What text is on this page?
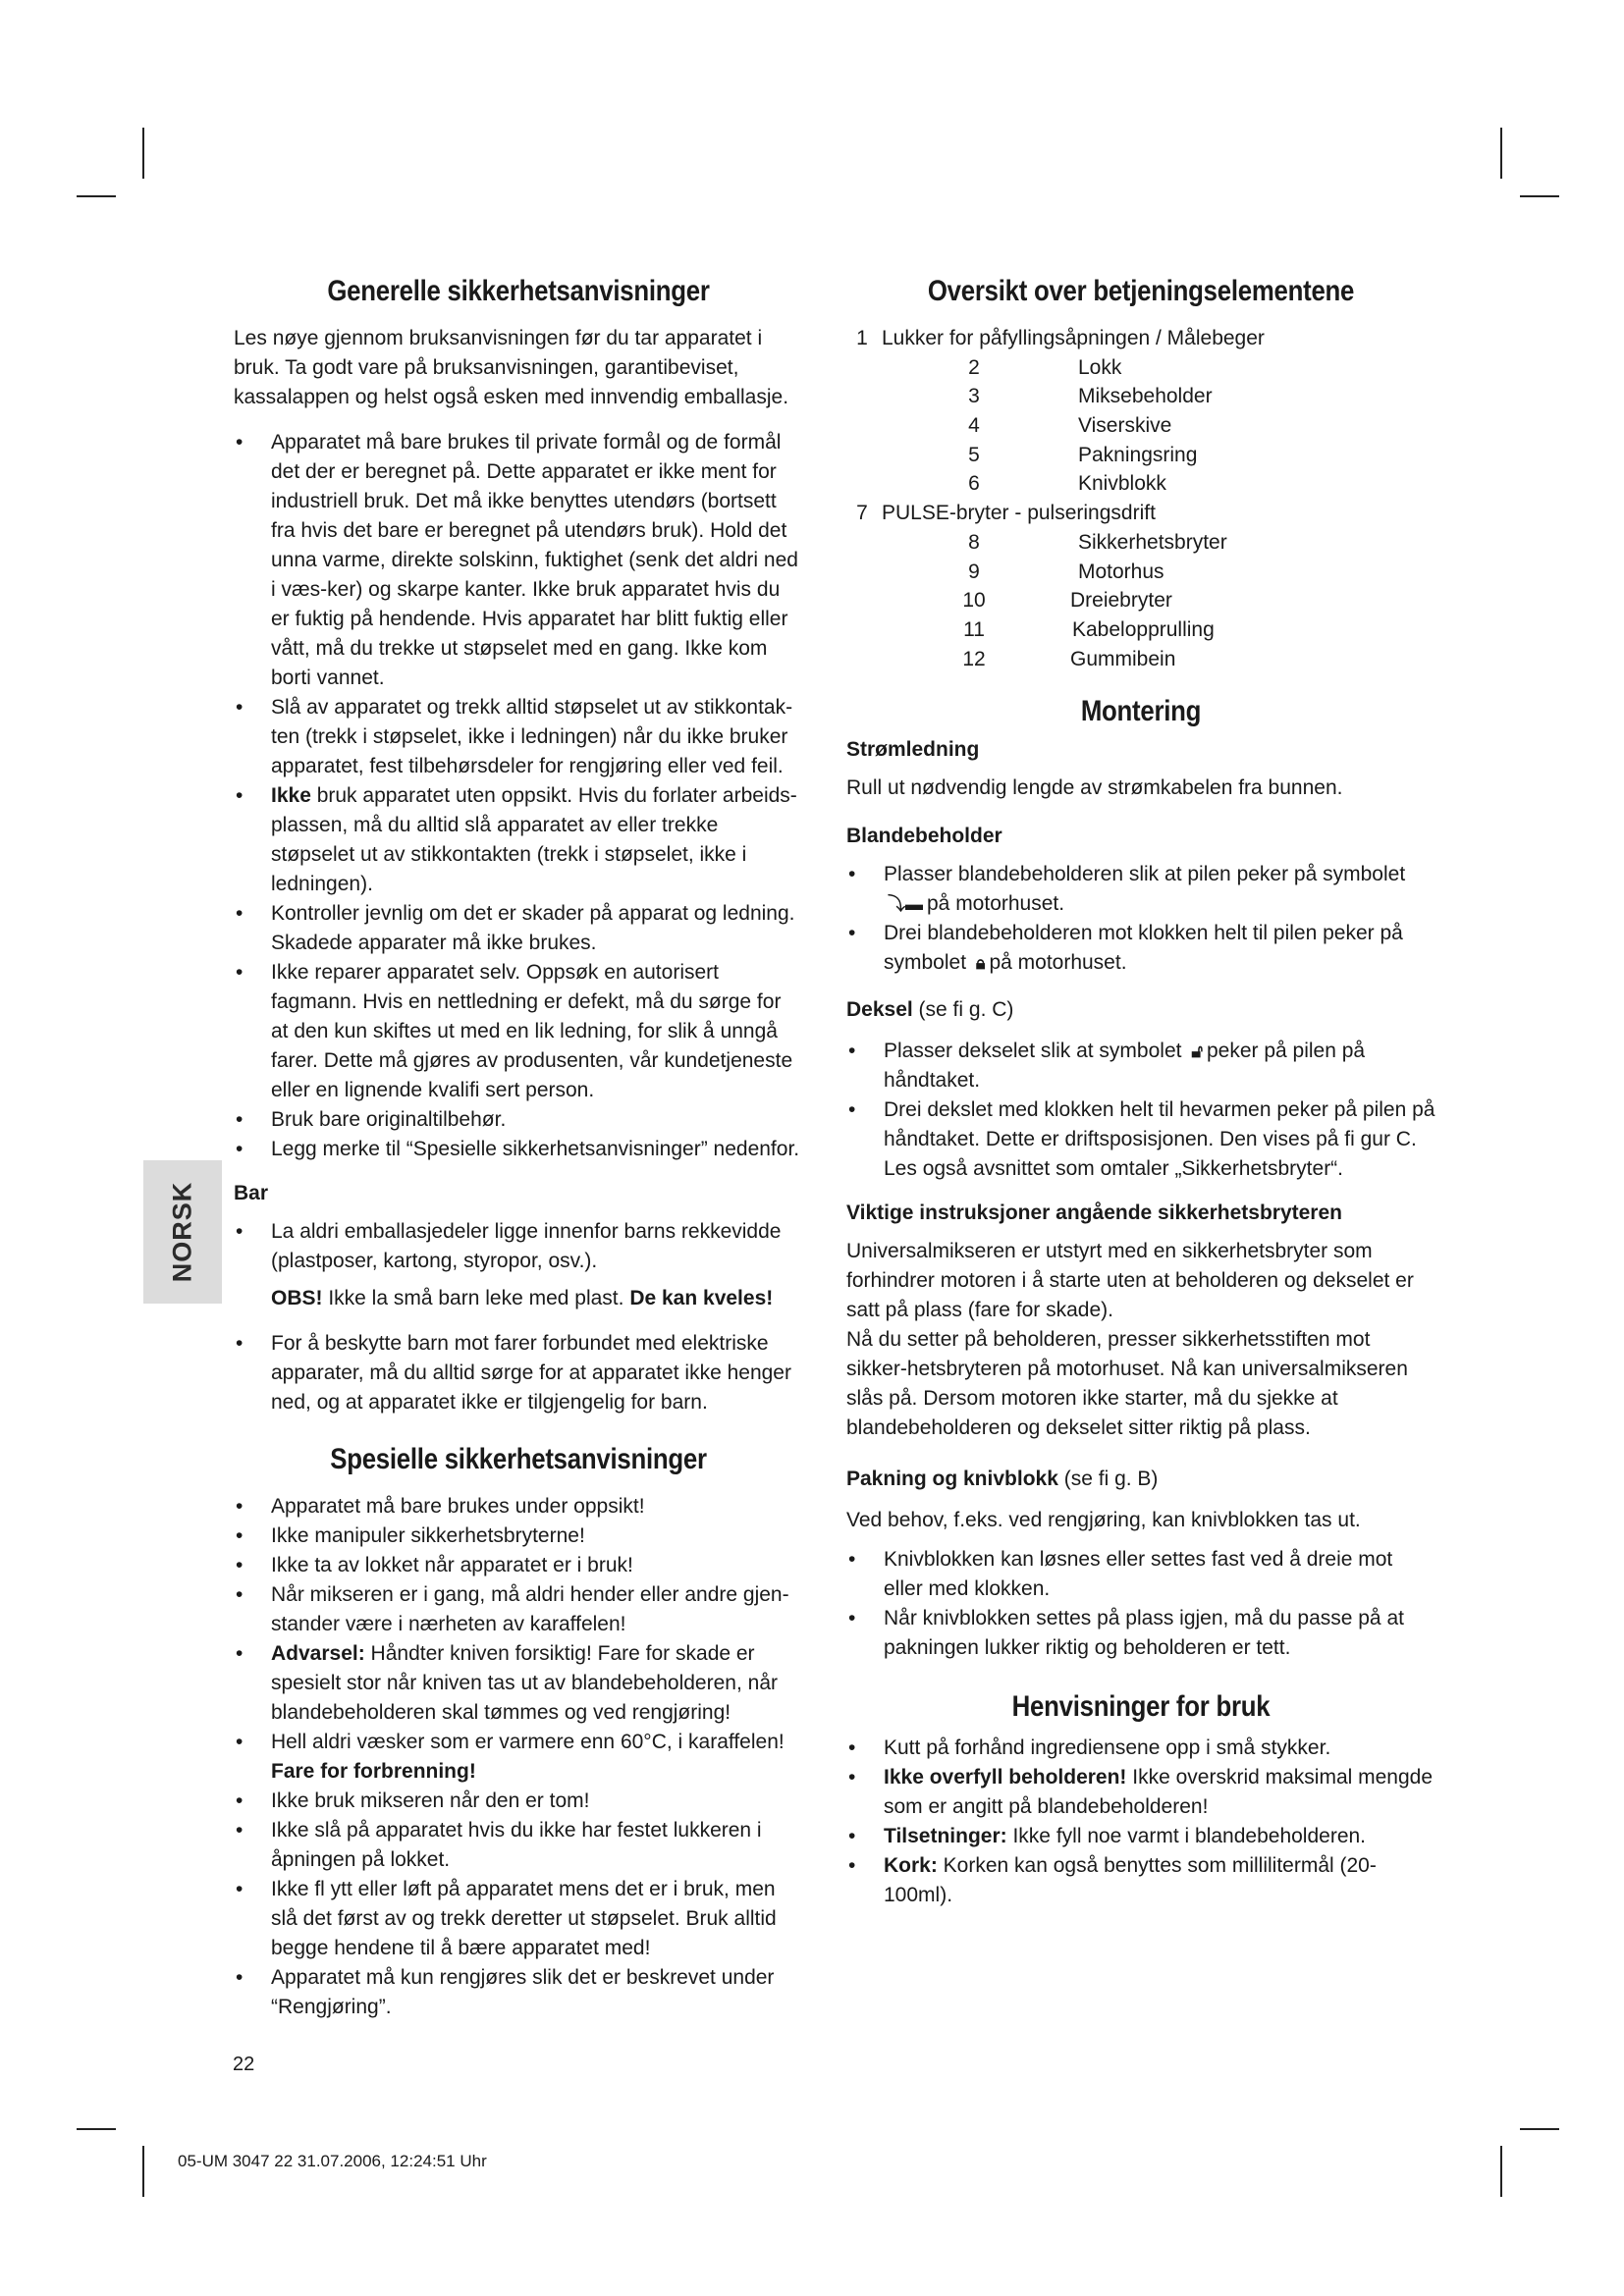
NORSK
Generelle sikkerhetsanvisninger

Les nøye gjennom bruksanvisningen før du tar apparatet i bruk. Ta godt vare på bruksanvisningen, garantibeviset, kassalappen og helst også esken med innvendig emballasje.

• Apparatet må bare brukes til private formål og de formål det der er beregnet på. Dette apparatet er ikke ment for industriell bruk. Det må ikke benyttes utendørs (bortsett fra hvis det bare er beregnet på utendørs bruk). Hold det unna varme, direkte solskinn, fuktighet (senk det aldri ned i væs-ker) og skarpe kanter. Ikke bruk apparatet hvis du er fuktig på hendende. Hvis apparatet har blitt fuktig eller vått, må du trekke ut støpselet med en gang. Ikke kom borti vannet.
• Slå av apparatet og trekk alltid støpselet ut av stikkontak-ten (trekk i støpselet, ikke i ledningen) når du ikke bruker apparatet, fest tilbehørsdeler for rengjøring eller ved feil.
• Ikke bruk apparatet uten oppsikt. Hvis du forlater arbeids-plassen, må du alltid slå apparatet av eller trekke støpselet ut av stikkontakten (trekk i støpselet, ikke i ledningen).
• Kontroller jevnlig om det er skader på apparat og ledning. Skadede apparater må ikke brukes.
• Ikke reparer apparatet selv. Oppsøk en autorisert fagmann. Hvis en nettledning er defekt, må du sørge for at den kun skiftes ut med en lik ledning, for slik å unngå farer. Dette må gjøres av produsenten, vår kundetjeneste eller en lignende kvalifi sert person.
• Bruk bare originaltilbehør.
• Legg merke til “Spesielle sikkerhetsanvisninger” nedenfor.
Bar
• La aldri emballasjedeler ligge innenfor barns rekkevidde (plastposer, kartong, styropor, osv.).

OBS! Ikke la små barn leke med plast. De kan kveles!

• For å beskytte barn mot farer forbundet med elektriske apparater, må du alltid sørge for at apparatet ikke henger ned, og at apparatet ikke er tilgjengelig for barn.
Spesielle sikkerhetsanvisninger
• Apparatet må bare brukes under oppsikt!
• Ikke manipuler sikkerhetsbryterne!
• Ikke ta av lokket når apparatet er i bruk!
• Når mikseren er i gang, må aldri hender eller andre gjen-stander være i nærheten av karaffelen!
• Advarsel: Håndter kniven forsiktig! Fare for skade er spesielt stor når kniven tas ut av blandebeholderen, når blandebeholderen skal tømmes og ved rengjøring!
• Hell aldri væsker som er varmere enn 60°C, i karaffelen!
Fare for forbrenning!
• Ikke bruk mikseren når den er tom!
• Ikke slå på apparatet hvis du ikke har festet lukkeren i åpningen på lokket.
• Ikke fl ytt eller løft på apparatet mens det er i bruk, men slå det først av og trekk deretter ut støpselet. Bruk alltid begge hendene til å bære apparatet med!
• Apparatet må kun rengjøres slik det er beskrevet under “Rengjøring”.
Oversikt over betjeningselementene
1 Lukker for påfyllingsåpningen / Målebeger
2	Lokk
3	Miksebeholder
4	Viserskive
5	Pakningsring
6	Knivblokk
7 PULSE-bryter - pulseringsdrift
8	Sikkerhetsbryter
9	Motorhus
10	Dreiebryter
11	Kabelopprulling
12	Gummibein
Montering
Strømledning

Rull ut nødvendig lengde av strømkabelen fra bunnen.

Blandebeholder
• Plasser blandebeholderen slik at pilen peker på symbolet
⤵▬ på motorhuset.
• Drei blandebeholderen mot klokken helt til pilen peker på symbolet 🔒︎ på motorhuset.

Deksel (se fi g. C)

• Plasser dekselet slik at symbolet 🔓︎ peker på pilen på håndtaket.
• Drei dekslet med klokken helt til hevarmen peker på pilen på håndtaket. Dette er driftsposisjonen. Den vises på fi gur C. Les også avsnittet som omtaler „Sikkerhetsbryter“.
Viktige instruksjoner angående sikkerhetsbryteren

Universalmikseren er utstyrt med en sikkerhetsbryter som forhindrer motoren i å starte uten at beholderen og dekselet er satt på plass (fare for skade).

Nå du setter på beholderen, presser sikkerhetsstiften mot sikker-hetsbryteren på motorhuset. Nå kan universalmikseren slås på. Dersom motoren ikke starter, må du sjekke at blandebeholderen og dekselet sitter riktig på plass.

Pakning og knivblokk (se fi g. B)

Ved behov, f.eks. ved rengjøring, kan knivblokken tas ut.

• Knivblokken kan løsnes eller settes fast ved å dreie mot eller med klokken.
• Når knivblokken settes på plass igjen, må du passe på at pakningen lukker riktig og beholderen er tett.
Henvisninger for bruk
• Kutt på forhånd ingrediensene opp i små stykker.
• Ikke overfyll beholderen! Ikke overskrid maksimal mengde som er angitt på blandebeholderen!
• Tilsetninger: Ikke fyll noe varmt i blandebeholderen.
• Kork: Korken kan også benyttes som millilitermål (20-100ml).
22
05-UM 3047 22 31.07.2006, 12:24:51 Uhr
